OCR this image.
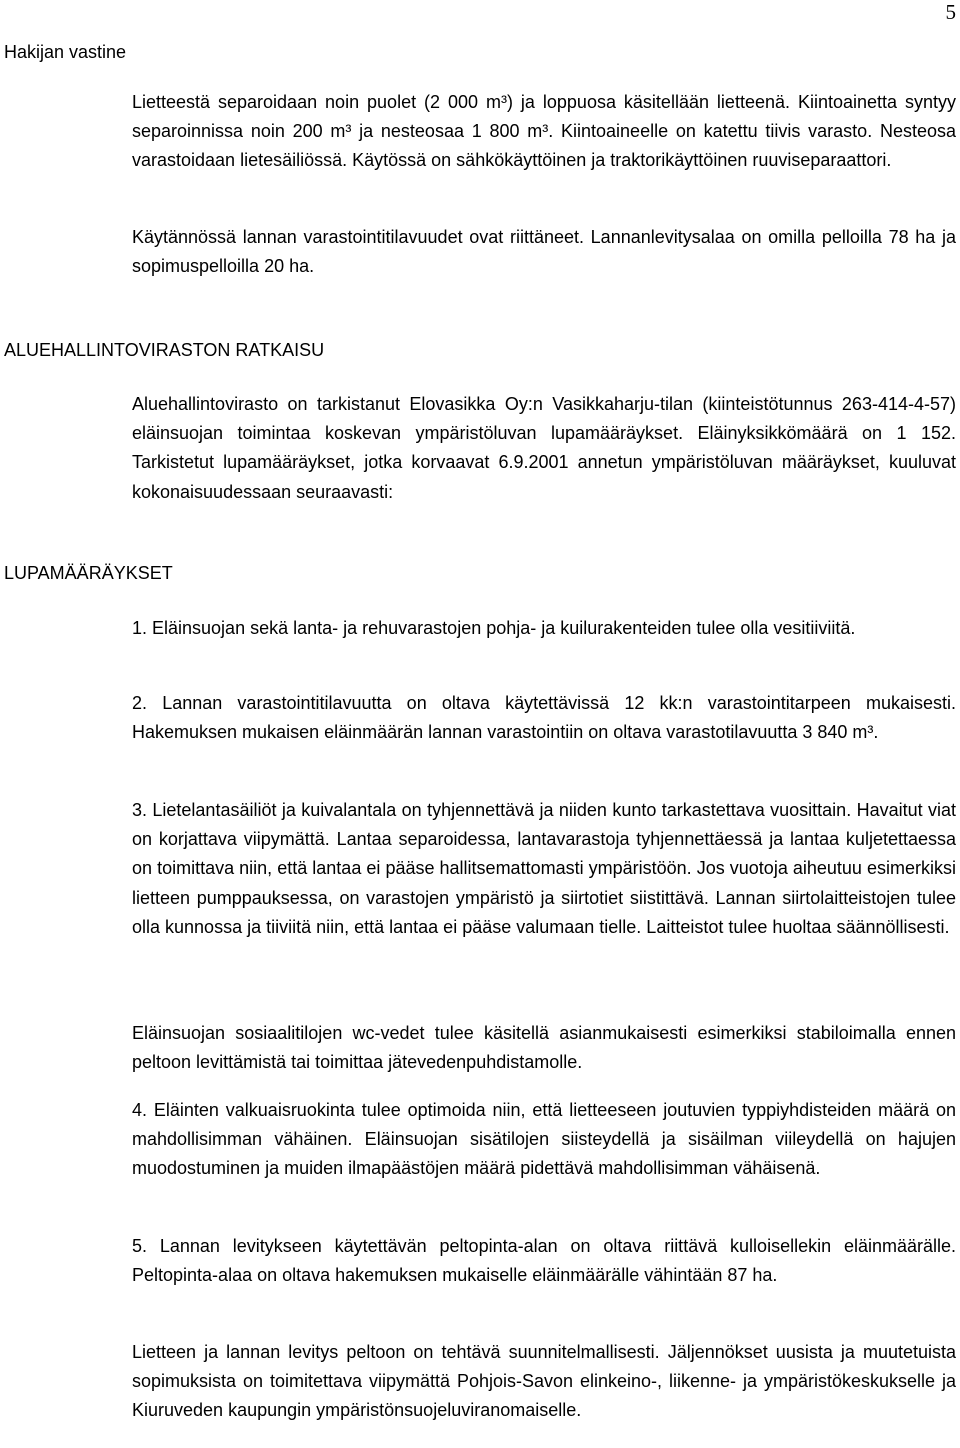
5
Hakijan vastine

Lietteestä separoidaan noin puolet (2 000 m³) ja loppuosa käsitellään lietteenä. Kiintoainetta syntyy separoinnissa noin 200 m³ ja nesteosaa 1 800 m³. Kiintoaineelle on katettu tiivis varasto. Nesteosa varastoidaan lietesäiliössä. Käytössä on sähkökäyttöinen ja traktorikäyttöinen ruuviseparaattori.

Käytännössä lannan varastointitilavuudet ovat riittäneet. Lannanlevitysalaa on omilla pelloilla 78 ha ja sopimuspelloilla 20 ha.

ALUEHALLINTOVIRASTON RATKAISU

Aluehallintovirasto on tarkistanut Elovasikka Oy:n Vasikkaharju-tilan (kiinteistötunnus 263-414-4-57) eläinsuojan toimintaa koskevan ympäristöluvan lupamääräykset. Eläinyksikkömäärä on 1 152. Tarkistetut lupamääräykset, jotka korvaavat 6.9.2001 annetun ympäristöluvan määräykset, kuuluvat kokonaisuudessaan seuraavasti:

LUPAMÄÄRÄYKSET

1. Eläinsuojan sekä lanta- ja rehuvarastojen pohja- ja kuilurakenteiden tulee olla vesitiiviitä.

2. Lannan varastointitilavuutta on oltava käytettävissä 12 kk:n varastointitarpeen mukaisesti. Hakemuksen mukaisen eläinmäärän lannan varastointiin on oltava varastotilavuutta 3 840 m³.

3. Lietelantasäiliöt ja kuivalantala on tyhjennettävä ja niiden kunto tarkastettava vuosittain. Havaitut viat on korjattava viipymättä. Lantaa separoidessa, lantavarastoja tyhjennettäessä ja lantaa kuljetettaessa on toimittava niin, että lantaa ei pääse hallitsemattomasti ympäristöön. Jos vuotoja aiheutuu esimerkiksi lietteen pumppauksessa, on varastojen ympäristö ja siirtotiet siistittävä. Lannan siirtolaitteistojen tulee olla kunnossa ja tiiviitä niin, että lantaa ei pääse valumaan tielle. Laitteistot tulee huoltaa säännöllisesti.

Eläinsuojan sosiaalitilojen wc-vedet tulee käsitellä asianmukaisesti esimerkiksi stabiloimalla ennen peltoon levittämistä tai toimittaa jätevedenpuhdistamolle.

4. Eläinten valkuaisruokinta tulee optimoida niin, että lietteeseen joutuvien typpiyhdisteiden määrä on mahdollisimman vähäinen. Eläinsuojan sisätilojen siisteydellä ja sisäilman viileydellä on hajujen muodostuminen ja muiden ilmapäästöjen määrä pidettävä mahdollisimman vähäisenä.

5. Lannan levitykseen käytettävän peltopinta-alan on oltava riittävä kulloisellekin eläinmäärälle. Peltopinta-alaa on oltava hakemuksen mukaiselle eläinmäärälle vähintään 87 ha.

Lietteen ja lannan levitys peltoon on tehtävä suunnitelmallisesti. Jäljennökset uusista ja muutetuista sopimuksista on toimitettava viipymättä Pohjois-Savon elinkeino-, liikenne- ja ympäristökeskukselle ja Kiuruveden kaupungin ympäristönsuojeluviranomaiselle.
